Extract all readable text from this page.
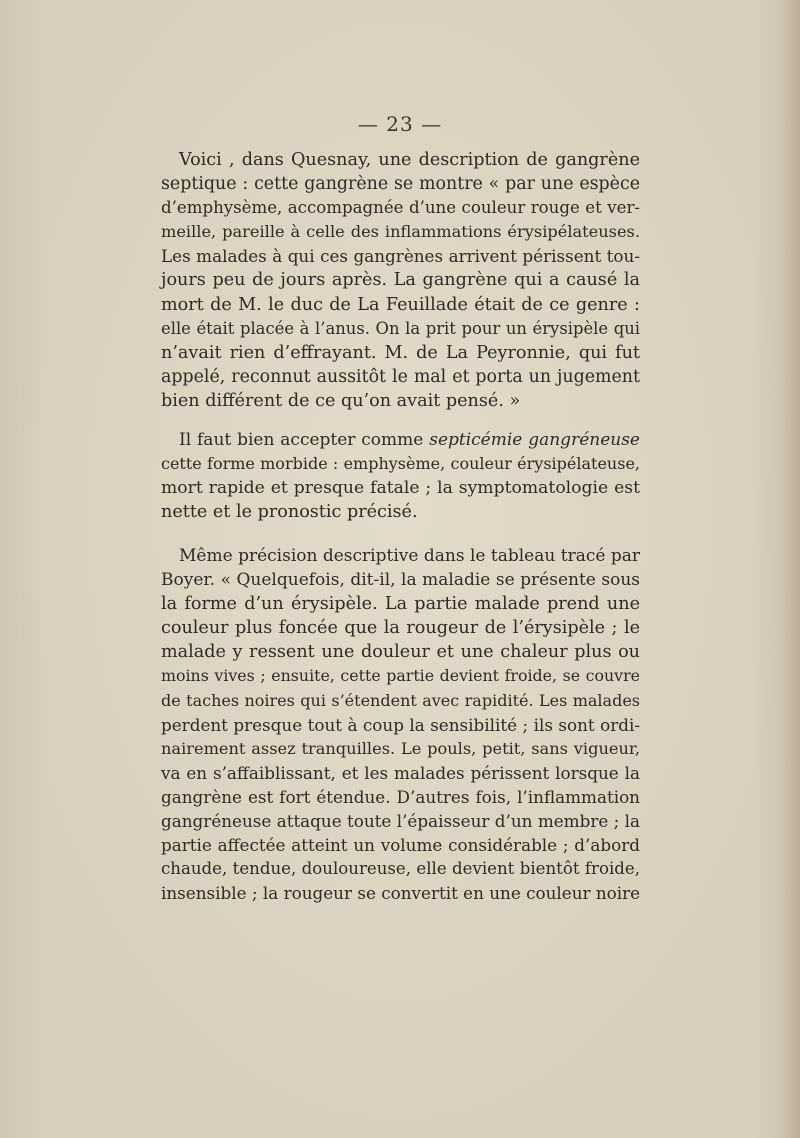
— 23 —
Voici , dans Quesnay, une description de gangrène
septique : cette gangrène se montre « par une espèce
d’emphysème, accompagnée d’une couleur rouge et ver-
meille, pareille à celle des inflammations érysipélateuses.
Les malades à qui ces gangrènes arrivent périssent tou-
jours peu de jours après. La gangrène qui a causé la
mort de M. le duc de La Feuillade était de ce genre :
elle était placée à l’anus. On la prit pour un érysipèle qui
n’avait rien d’effrayant. M. de La Peyronnie, qui fut
appelé, reconnut aussitôt le mal et porta un jugement
bien différent de ce qu’on avait pensé. »
Il faut bien accepter comme septicémie gangréneuse
cette forme morbide : emphysème, couleur érysipélateuse,
mort rapide et presque fatale ; la symptomatologie est
nette et le pronostic précisé.
Même précision descriptive dans le tableau tracé par
Boyer. « Quelquefois, dit-il, la maladie se présente sous
la forme d’un érysipèle. La partie malade prend une
couleur plus foncée que la rougeur de l’érysipèle ; le
malade y ressent une douleur et une chaleur plus ou
moins vives ; ensuite, cette partie devient froide, se couvre
de taches noires qui s’étendent avec rapidité. Les malades
perdent presque tout à coup la sensibilité ; ils sont ordi-
nairement assez tranquilles. Le pouls, petit, sans vigueur,
va en s’affaiblissant, et les malades périssent lorsque la
gangrène est fort étendue. D’autres fois, l’inflammation
gangréneuse attaque toute l’épaisseur d’un membre ; la
partie affectée atteint un volume considérable ; d’abord
chaude, tendue, douloureuse, elle devient bientôt froide,
insensible ; la rougeur se convertit en une couleur noire
